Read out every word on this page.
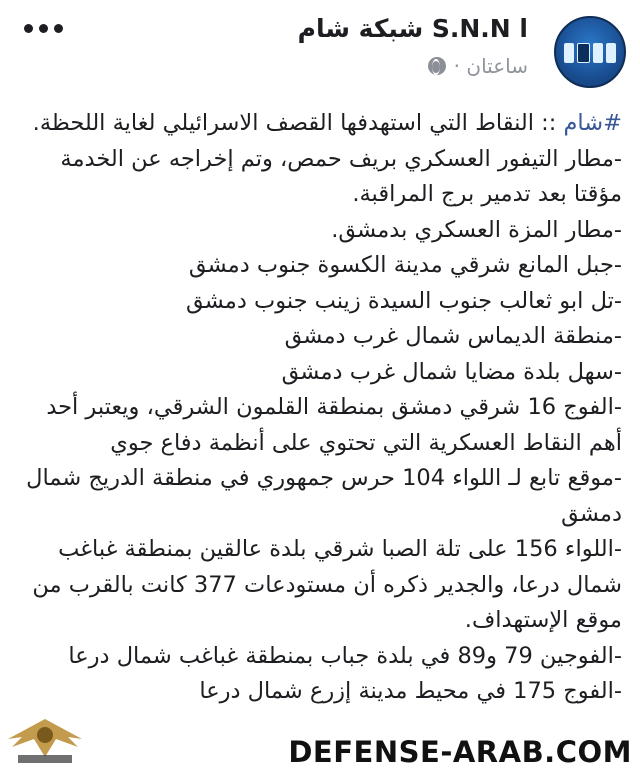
S.N.N l شبكة شام
ساعتان ·

#شام :: النقاط التي استهدفها القصف الاسرائيلي لغاية اللحظة.

-مطار التيفور العسكري بريف حمص، وتم إخراجه عن الخدمة مؤقتا بعد تدمير برج المراقبة.

-مطار المزة العسكري بدمشق.

-جبل المانع شرقي مدينة الكسوة جنوب دمشق

-تل ابو ثعالب جنوب السيدة زينب جنوب دمشق

-منطقة الديماس شمال غرب دمشق

-سهل بلدة مضايا شمال غرب دمشق

-الفوج 16 شرقي دمشق بمنطقة القلمون الشرقي، ويعتبر أحد أهم النقاط العسكرية التي تحتوي على أنظمة دفاع جوي

-موقع تابع لـ اللواء 104 حرس جمهوري في منطقة الدريج شمال دمشق

-اللواء 156 على تلة الصبا شرقي بلدة عالقين بمنطقة غباغب شمال درعا، والجدير ذكره أن مستودعات 377 كانت بالقرب من موقع الإستهداف.

-الفوجين 79 و89 في بلدة جباب بمنطقة غباغب شمال درعا

-الفوج 175 في محيط مدينة إزرع شمال درعا

DEFENSE-ARAB.COM
